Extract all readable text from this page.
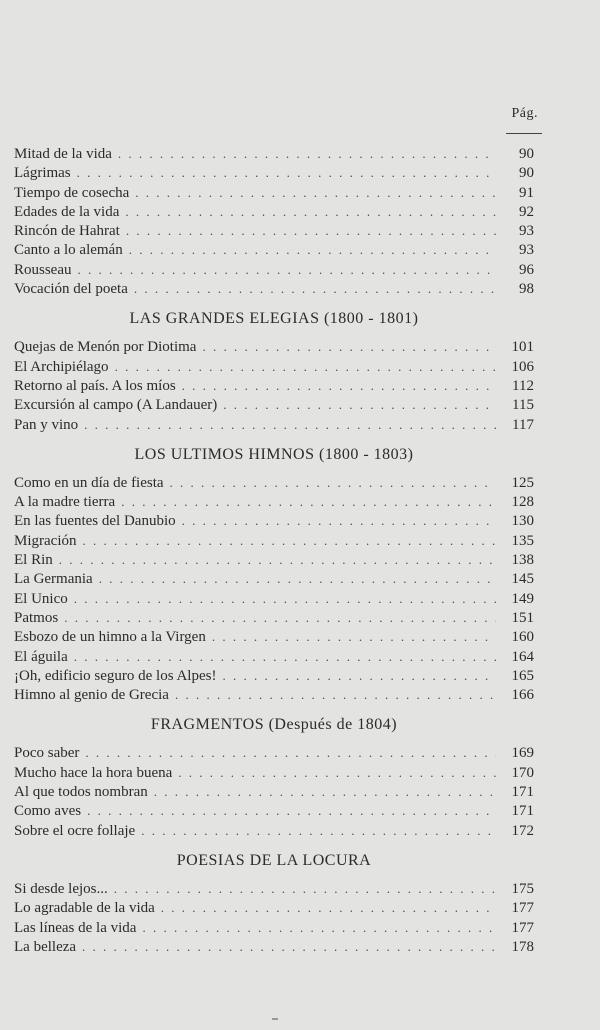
Pág.
Mitad de la vida . . .	90
Lágrimas . . .	90
Tiempo de cosecha . . .	91
Edades de la vida . . .	92
Rincón de Hahrat . . .	93
Canto a lo alemán . . .	93
Rousseau . . .	96
Vocación del poeta . . .	98
LAS GRANDES ELEGIAS (1800 - 1801)
Quejas de Menón por Diotima . . .	101
El Archipiélago . . .	106
Retorno al país. A los míos . . .	112
Excursión al campo (A Landauer) . . .	115
Pan y vino . . .	117
LOS ULTIMOS HIMNOS (1800 - 1803)
Como en un día de fiesta . . .	125
A la madre tierra . . .	128
En las fuentes del Danubio . . .	130
Migración . . .	135
El Rin . . .	138
La Germania . . .	145
El Unico . . .	149
Patmos . . .	151
Esbozo de un himno a la Virgen . . .	160
El águila . . .	164
¡Oh, edificio seguro de los Alpes! . . .	165
Himno al genio de Grecia . . .	166
FRAGMENTOS (Después de 1804)
Poco saber . . .	169
Mucho hace la hora buena . . .	170
Al que todos nombran . . .	171
Como aves . . .	171
Sobre el ocre follaje . . .	172
POESIAS DE LA LOCURA
Si desde lejos... . . .	175
Lo agradable de la vida . . .	177
Las líneas de la vida . . .	177
La belleza . . .	178
